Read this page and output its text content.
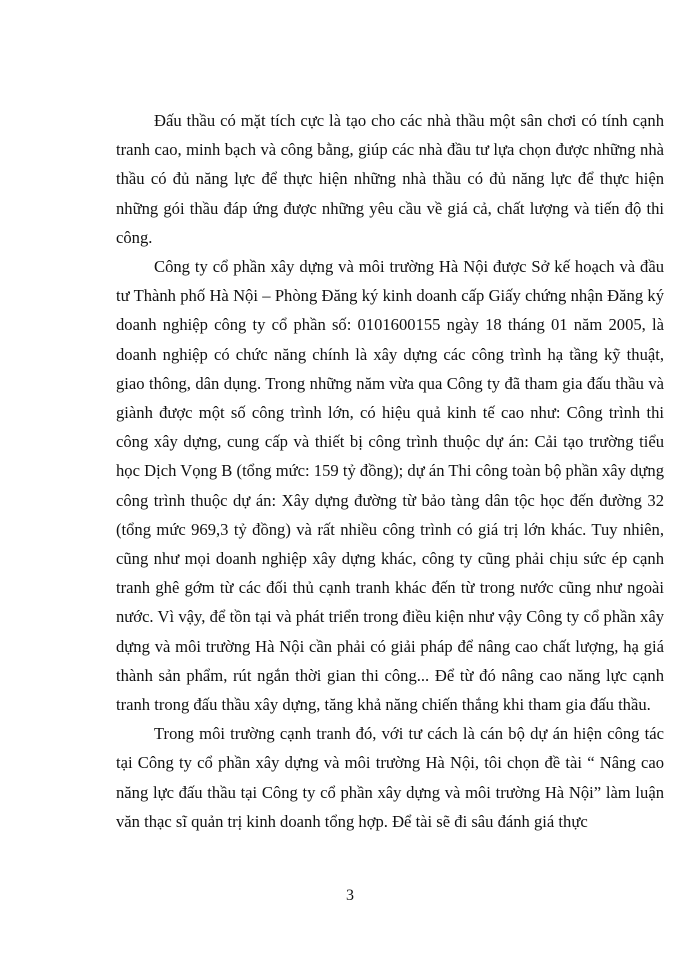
Đấu thầu có mặt tích cực là tạo cho các nhà thầu một sân chơi có tính cạnh tranh cao, minh bạch và công bằng, giúp các nhà đầu tư lựa chọn được những nhà thầu có đủ năng lực để thực hiện những nhà thầu có đủ năng lực để thực hiện những gói thầu đáp ứng được những yêu cầu về giá cả, chất lượng và tiến độ thi công.

Công ty cổ phần xây dựng và môi trường Hà Nội được Sở kế hoạch và đầu tư Thành phố Hà Nội – Phòng Đăng ký kinh doanh cấp Giấy chứng nhận Đăng ký doanh nghiệp công ty cổ phần số: 0101600155 ngày 18 tháng 01 năm 2005, là doanh nghiệp có chức năng chính là xây dựng các công trình hạ tầng kỹ thuật, giao thông, dân dụng. Trong những năm vừa qua Công ty đã tham gia đấu thầu và giành được một số công trình lớn, có hiệu quả kinh tế cao như: Công trình thi công xây dựng, cung cấp và thiết bị công trình thuộc dự án: Cải tạo trường tiểu học Dịch Vọng B (tổng mức: 159 tỷ đồng); dự án Thi công toàn bộ phần xây dựng công trình thuộc dự án: Xây dựng đường từ bảo tàng dân tộc học đến đường 32 (tổng mức 969,3 tỷ đồng) và rất nhiều công trình có giá trị lớn khác. Tuy nhiên, cũng như mọi doanh nghiệp xây dựng khác, công ty cũng phải chịu sức ép cạnh tranh ghê gớm từ các đối thủ cạnh tranh khác đến từ trong nước cũng như ngoài nước. Vì vậy, để tồn tại và phát triển trong điều kiện như vậy Công ty cổ phần xây dựng và môi trường Hà Nội cần phải có giải pháp để nâng cao chất lượng, hạ giá thành sản phẩm, rút ngắn thời gian thi công... Để từ đó nâng cao năng lực cạnh tranh trong đấu thầu xây dựng, tăng khả năng chiến thắng khi tham gia đấu thầu.

Trong môi trường cạnh tranh đó, với tư cách là cán bộ dự án hiện công tác tại Công ty cổ phần xây dựng và môi trường Hà Nội, tôi chọn đề tài “ Nâng cao năng lực đấu thầu tại Công ty cổ phần xây dựng và môi trường Hà Nội” làm luận văn thạc sĩ quản trị kinh doanh tổng hợp. Để tài sẽ đi sâu đánh giá thực

3
